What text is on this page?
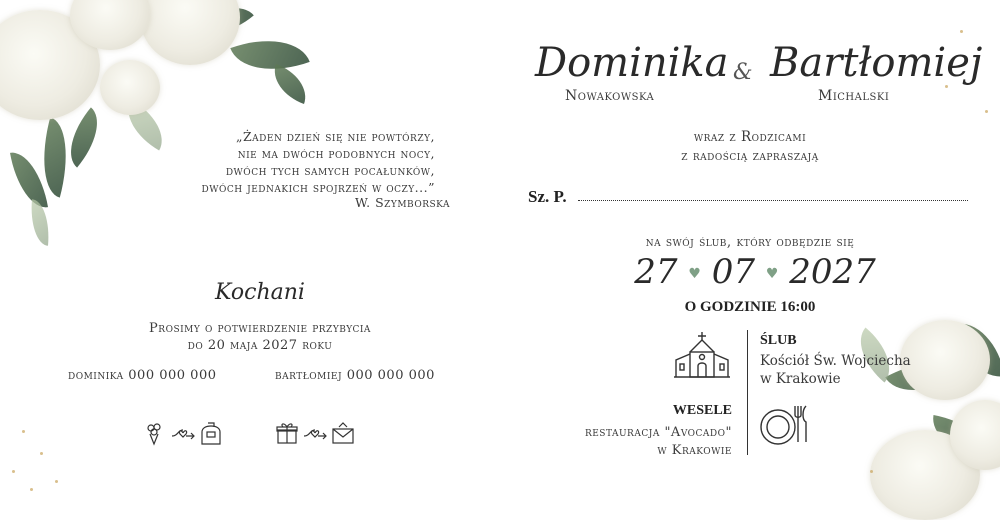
„Żaden dzień się nie powtórzy,
nie ma dwóch podobnych nocy,
dwóch tych samych pocałunków,
dwóch jednakich spojrzeń w oczy...”
W. Szymborska
Kochani
Prosimy o potwierdzenie przybycia
do 20 maja 2027 roku
dominika 000 000 000	bartłomiej 000 000 000
Dominika
Nowakowska
& Bartłomiej
Michalski
wraz z Rodzicami
z radością zapraszają
Sz. P.
na swój ślub, który odbędzie się
27 ♥ 07 ♥ 2027
O GODZINIE 16:00
ŚLUB
Kościół Św. Wojciecha
w Krakowie
WESELE
restauracja "Avocado"
w Krakowie
